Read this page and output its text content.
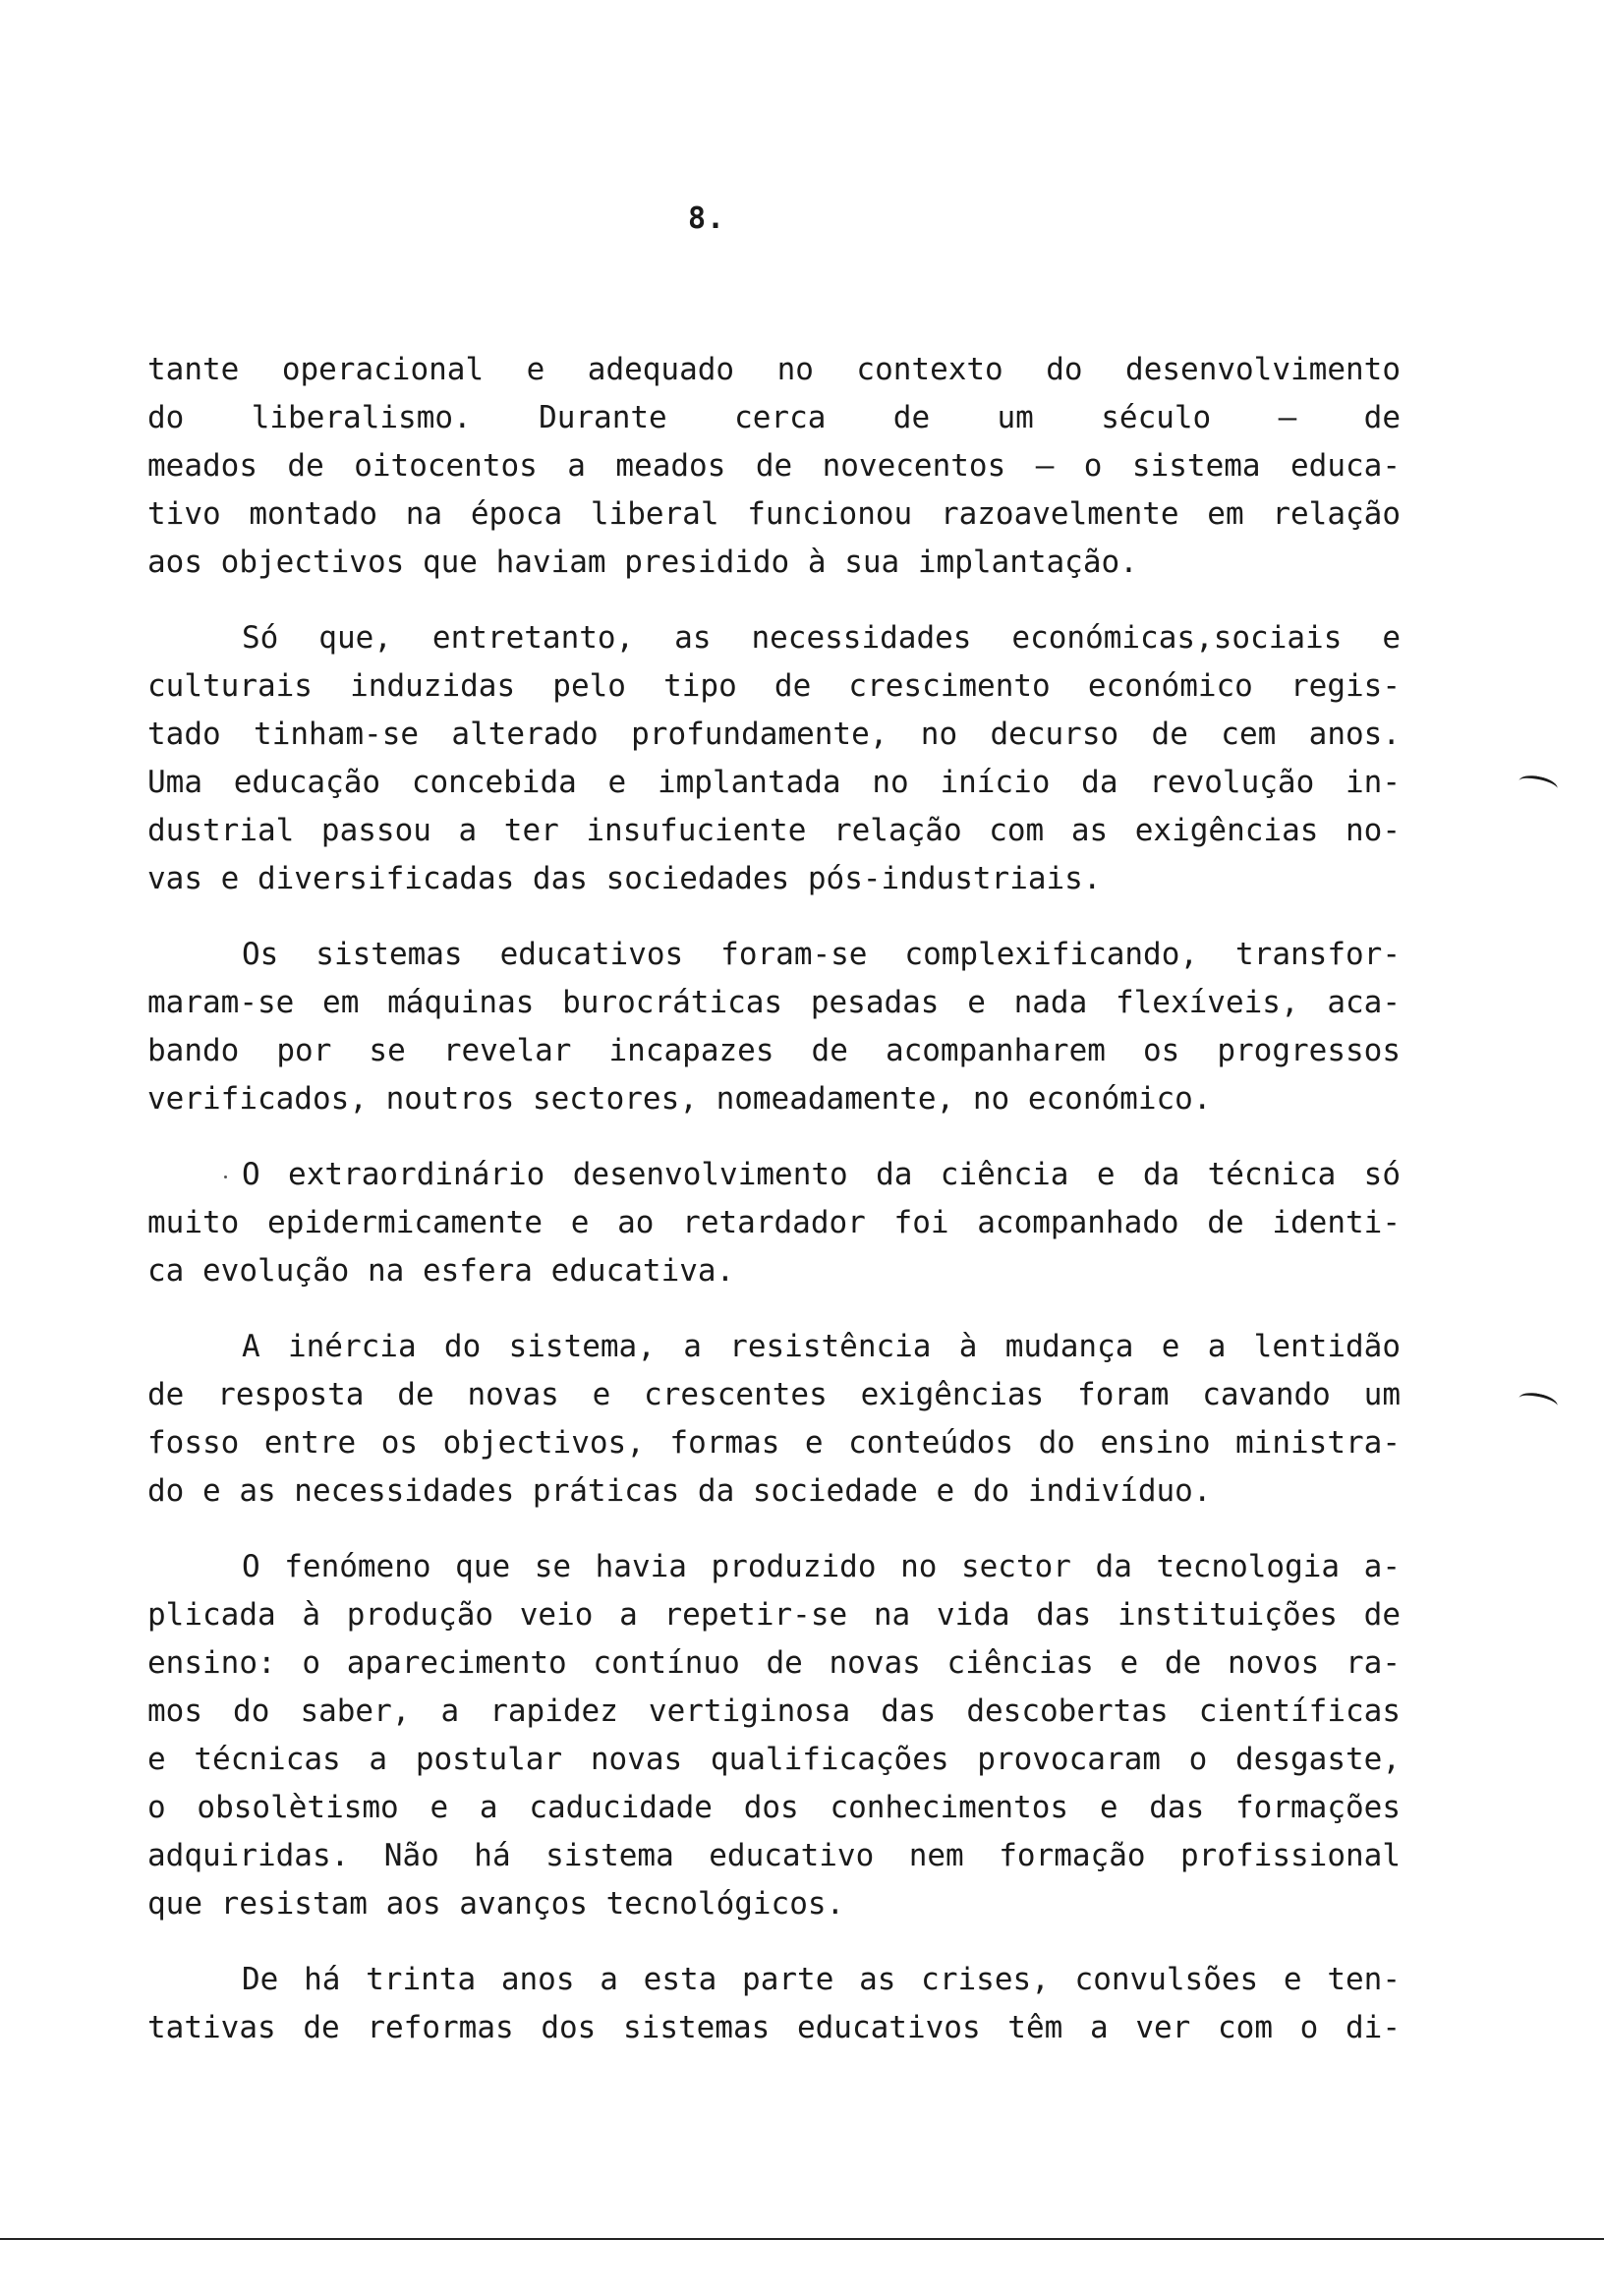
8.
tante operacional e adequado no contexto do desenvolvimento
do liberalismo. Durante cerca de um século — de
meados de oitocentos a meados de novecentos — o sistema educa-
tivo montado na época liberal funcionou razoavelmente em relação
aos objectivos que haviam presidido à sua implantação.
Só que, entretanto, as necessidades económicas,sociais e
culturais induzidas pelo tipo de crescimento económico regis-
tado tinham-se alterado profundamente, no decurso de cem anos.
Uma educação concebida e implantada no início da revolução in-
dustrial passou a ter insufuciente relação com as exigências no-
vas e diversificadas das sociedades pós-industriais.
Os sistemas educativos foram-se complexificando, transfor-
maram-se em máquinas burocráticas pesadas e nada flexíveis, aca-
bando por se revelar incapazes de acompanharem os progressos
verificados, noutros sectores, nomeadamente, no económico.
O extraordinário desenvolvimento da ciência e da técnica só
muito epidermicamente e ao retardador foi acompanhado de identi-
ca evolução na esfera educativa.
A inércia do sistema, a resistência à mudança e a lentidão
de resposta de novas e crescentes exigências foram cavando um
fosso entre os objectivos, formas e conteúdos do ensino ministra-
do e as necessidades práticas da sociedade e do indivíduo.
O fenómeno que se havia produzido no sector da tecnologia a-
plicada à produção veio a repetir-se na vida das instituições de
ensino: o aparecimento contínuo de novas ciências e de novos ra-
mos do saber, a rapidez vertiginosa das descobertas científicas
e técnicas a postular novas qualificações provocaram o desgaste,
o obsolètismo e a caducidade dos conhecimentos e das formações
adquiridas. Não há sistema educativo nem formação profissional
que resistam aos avanços tecnológicos.
De há trinta anos a esta parte as crises, convulsões e ten-
tativas de reformas dos sistemas educativos têm a ver com o di-
